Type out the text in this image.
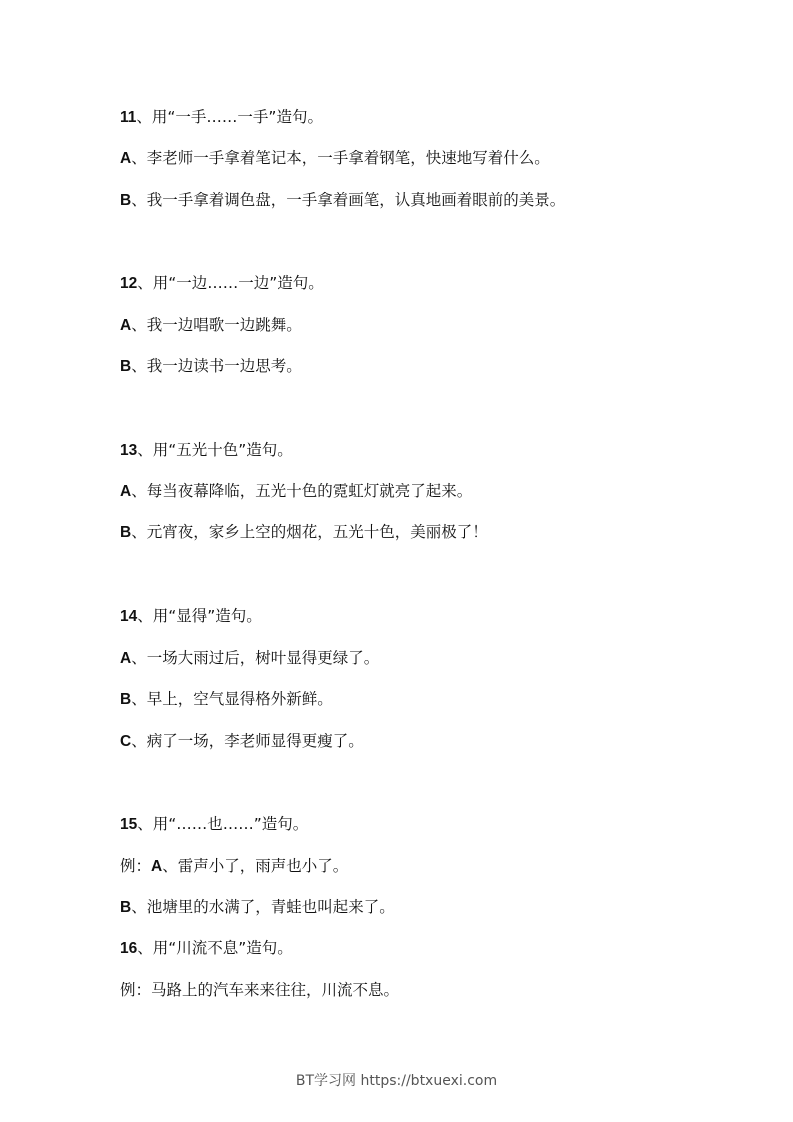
11、用“一手……一手”造句。
A、李老师一手拿着笔记本，一手拿着钢笔，快速地写着什么。
B、我一手拿着调色盘，一手拿着画笔，认真地画着眼前的美景。
12、用“一边……一边”造句。
A、我一边唱歌一边跳舞。
B、我一边读书一边思考。
13、用“五光十色”造句。
A、每当夜幕降临，五光十色的霓虹灯就亮了起来。
B、元宵夜，家乡上空的烟花，五光十色，美丽极了！
14、用“显得”造句。
A、一场大雨过后，树叶显得更绿了。
B、早上，空气显得格外新鲜。
C、病了一场，李老师显得更瘦了。
15、用“……也……”造句。
例：A、雷声小了，雨声也小了。
B、池塘里的水满了，青蛙也叫起来了。
16、用“川流不息”造句。
例：马路上的汽车来来往往，川流不息。
BT学习网 https://btxuexi.com
